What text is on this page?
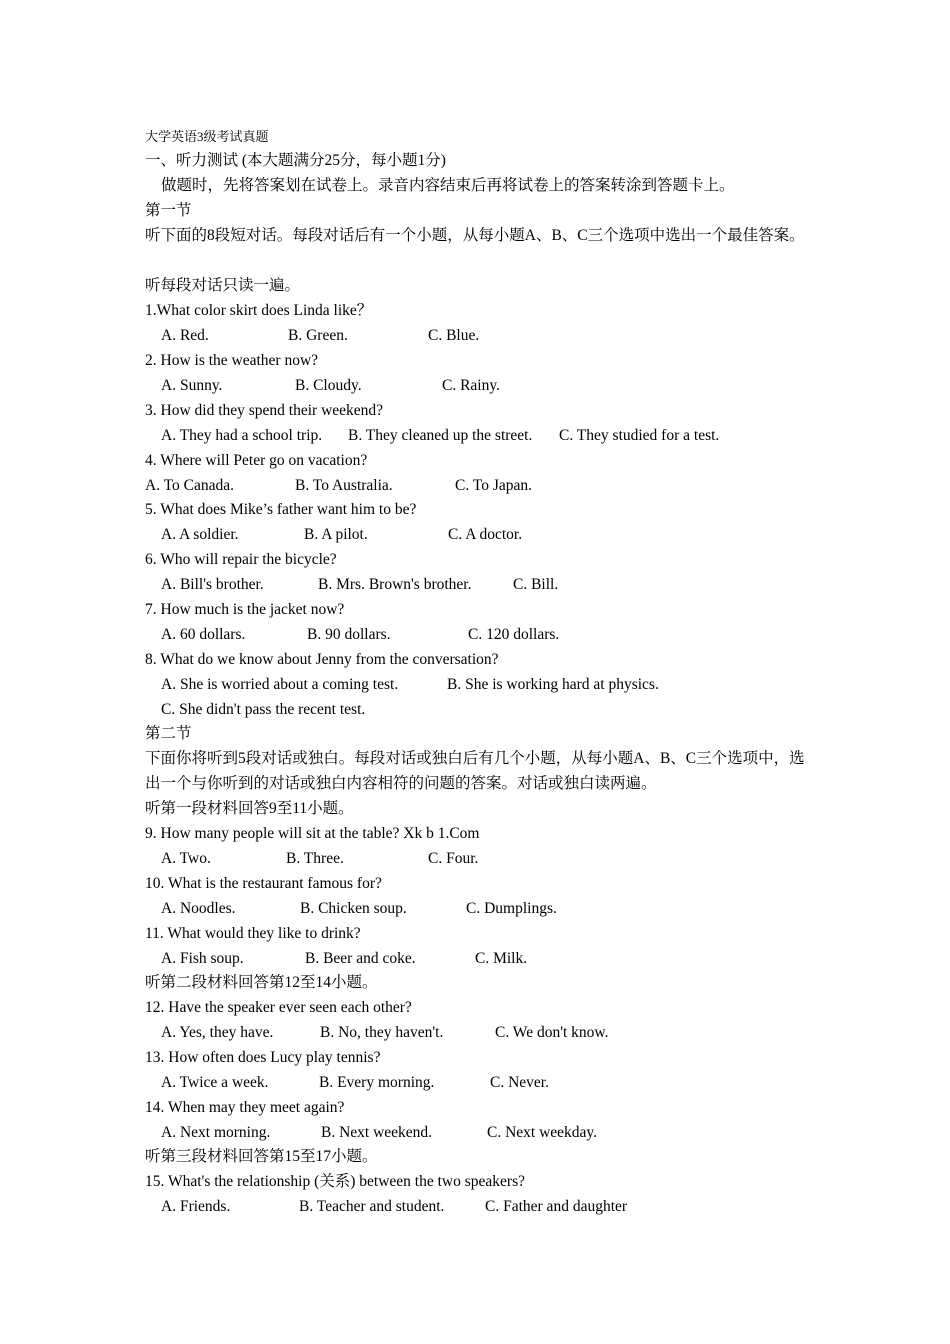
大学英语3级考试真题
一、听力测试 (本大题满分25分，每小题1分)
做题时，先将答案划在试卷上。录音内容结束后再将试卷上的答案转涂到答题卡上。
第一节
听下面的8段短对话。每段对话后有一个小题，从每小题A、B、C三个选项中选出一个最佳答案。
听每段对话只读一遍。
1.What color skirt does Linda like？
A. Red.	B. Green.	C. Blue.
2. How is the weather now?
A. Sunny.	B. Cloudy.	C. Rainy.
3. How did they spend their weekend?
A. They had a school trip. B. They cleaned up the street. C. They studied for a test.
4. Where will Peter go on vacation?
A. To Canada.	B. To Australia.	C. To Japan.
5. What does Mike’s father want him to be?
A. A soldier.	B. A pilot.	C. A doctor.
6. Who will repair the bicycle?
A. Bill's brother.	B. Mrs. Brown's brother.	C. Bill.
7. How much is the jacket now?
A. 60 dollars.	B. 90 dollars.	C. 120 dollars.
8. What do we know about Jenny from the conversation?
A. She is worried about a coming test.	B. She is working hard at physics.
C. She didn't pass the recent test.
第二节
下面你将听到5段对话或独白。每段对话或独白后有几个小题，从每小题A、B、C三个选项中，选出一个与你听到的对话或独白内容相符的问题的答案。对话或独白读两遍。
听第一段材料回答9至11小题。
9. How many people will sit at the table? Xk b 1.Com
A. Two.	B. Three.	C. Four.
10. What is the restaurant famous for?
A. Noodles.	B. Chicken soup.	C. Dumplings.
11. What would they like to drink?
A. Fish soup.	B. Beer and coke.	C. Milk.
听第二段材料回答第12至14小题。
12. Have the speaker ever seen each other?
A. Yes, they have.	B. No, they haven't.	C. We don't know.
13. How often does Lucy play tennis?
A. Twice a week.	B. Every morning.	C. Never.
14. When may they meet again?
A. Next morning.	B. Next weekend.	C. Next weekday.
听第三段材料回答第15至17小题。
15. What's the relationship (关系) between the two speakers?
A. Friends.	B. Teacher and student.	C. Father and daughter
